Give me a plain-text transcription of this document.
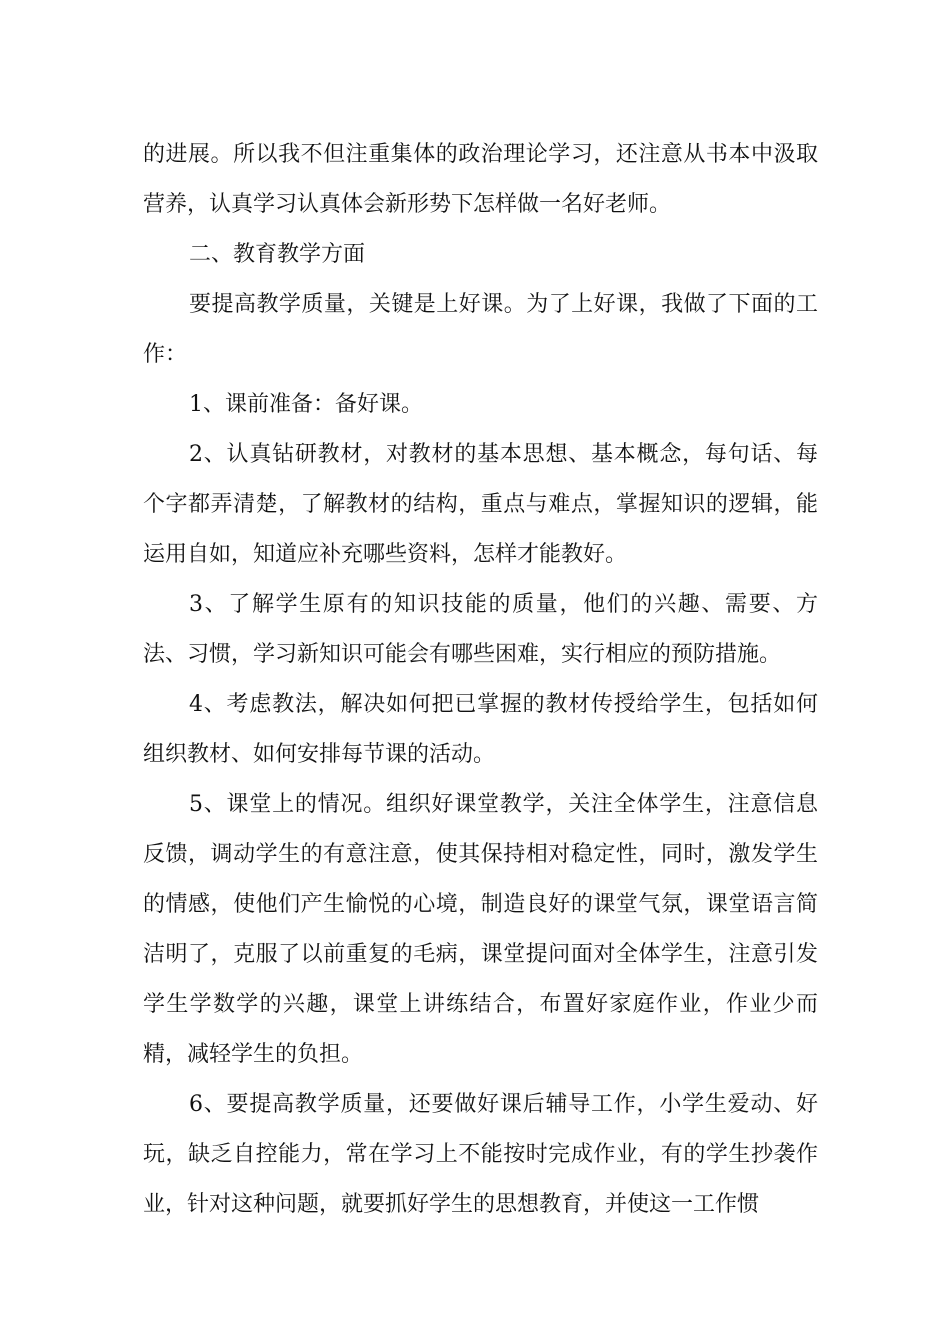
的进展。所以我不但注重集体的政治理论学习，还注意从书本中汲取营养，认真学习认真体会新形势下怎样做一名好老师。

二、教育教学方面

要提高教学质量，关键是上好课。为了上好课，我做了下面的工作：

1、课前准备：备好课。

2、认真钻研教材，对教材的基本思想、基本概念，每句话、每个字都弄清楚，了解教材的结构，重点与难点，掌握知识的逻辑，能运用自如，知道应补充哪些资料，怎样才能教好。

3、了解学生原有的知识技能的质量，他们的兴趣、需要、方法、习惯，学习新知识可能会有哪些困难，实行相应的预防措施。

4、考虑教法，解决如何把已掌握的教材传授给学生，包括如何组织教材、如何安排每节课的活动。

5、课堂上的情况。组织好课堂教学，关注全体学生，注意信息反馈，调动学生的有意注意，使其保持相对稳定性，同时，激发学生的情感，使他们产生愉悦的心境，制造良好的课堂气氛，课堂语言简洁明了，克服了以前重复的毛病，课堂提问面对全体学生，注意引发学生学数学的兴趣，课堂上讲练结合，布置好家庭作业，作业少而精，减轻学生的负担。

6、要提高教学质量，还要做好课后辅导工作，小学生爱动、好玩，缺乏自控能力，常在学习上不能按时完成作业，有的学生抄袭作业，针对这种问题，就要抓好学生的思想教育，并使这一工作惯
